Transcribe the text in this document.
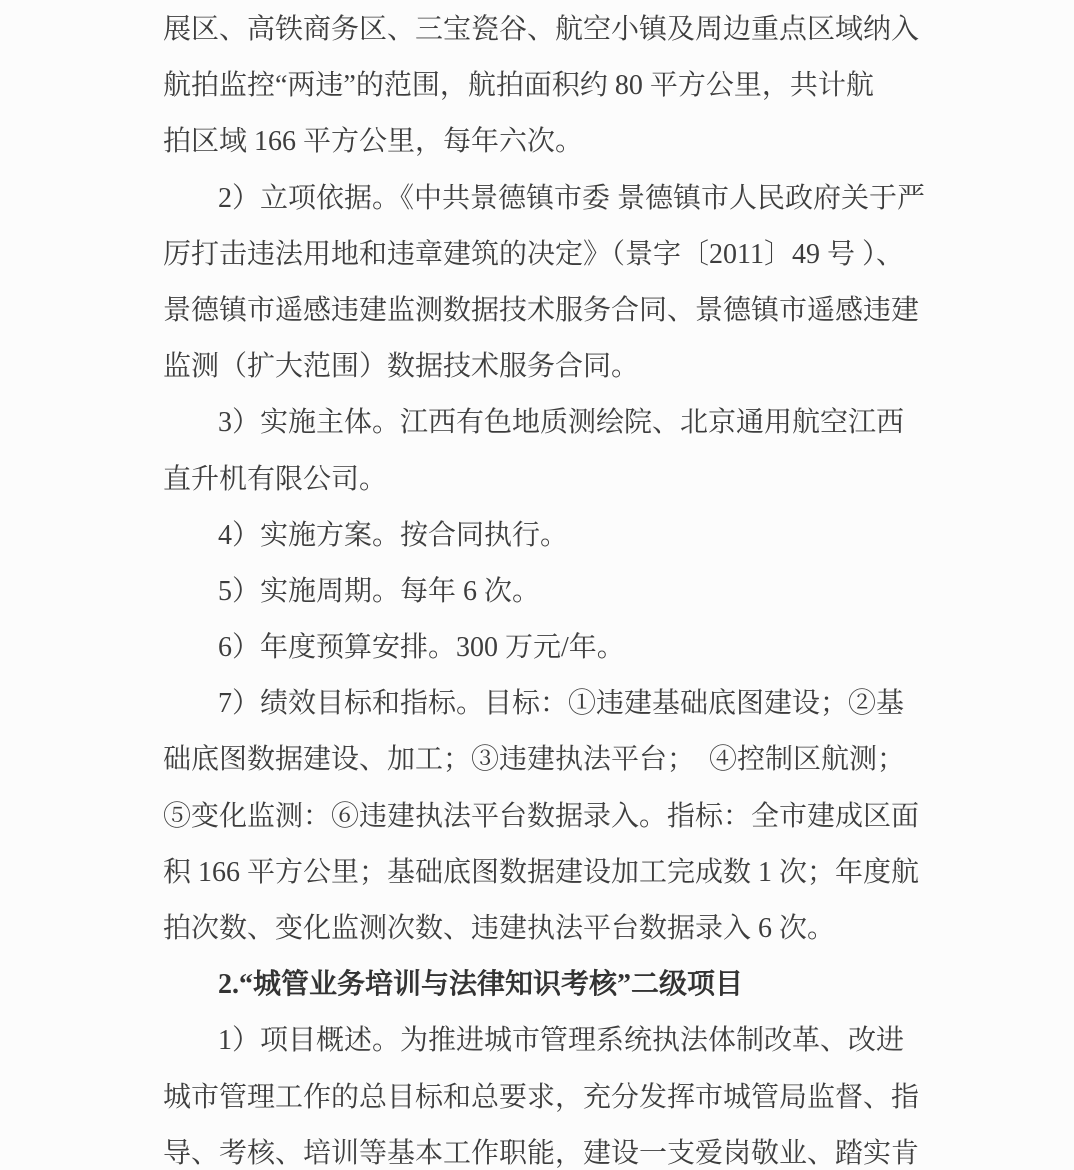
展区、高铁商务区、三宝瓷谷、航空小镇及周边重点区域纳入
航拍监控“两违”的范围，航拍面积约 80 平方公里，共计航
拍区域 166 平方公里，每年六次。
2）立项依据。《中共景德镇市委 景德镇市人民政府关于严
厉打击违法用地和违章建筑的决定》（景字〔2011〕49 号 ）、
景德镇市遥感违建监测数据技术服务合同、景德镇市遥感违建
监测（扩大范围）数据技术服务合同。
3）实施主体。江西有色地质测绘院、北京通用航空江西
直升机有限公司。
4）实施方案。按合同执行。
5）实施周期。每年 6 次。
6）年度预算安排。300 万元/年。
7）绩效目标和指标。目标：①违建基础底图建设；②基
础底图数据建设、加工；③违建执法平台；　④控制区航测；
⑤变化监测：⑥违建执法平台数据录入。指标：全市建成区面
积 166 平方公里；基础底图数据建设加工完成数 1 次；年度航
拍次数、变化监测次数、违建执法平台数据录入 6 次。
2.“城管业务培训与法律知识考核”二级项目
1）项目概述。为推进城市管理系统执法体制改革、改进
城市管理工作的总目标和总要求，充分发挥市城管局监督、指
导、考核、培训等基本工作职能，建设一支爱岗敬业、踏实肯
